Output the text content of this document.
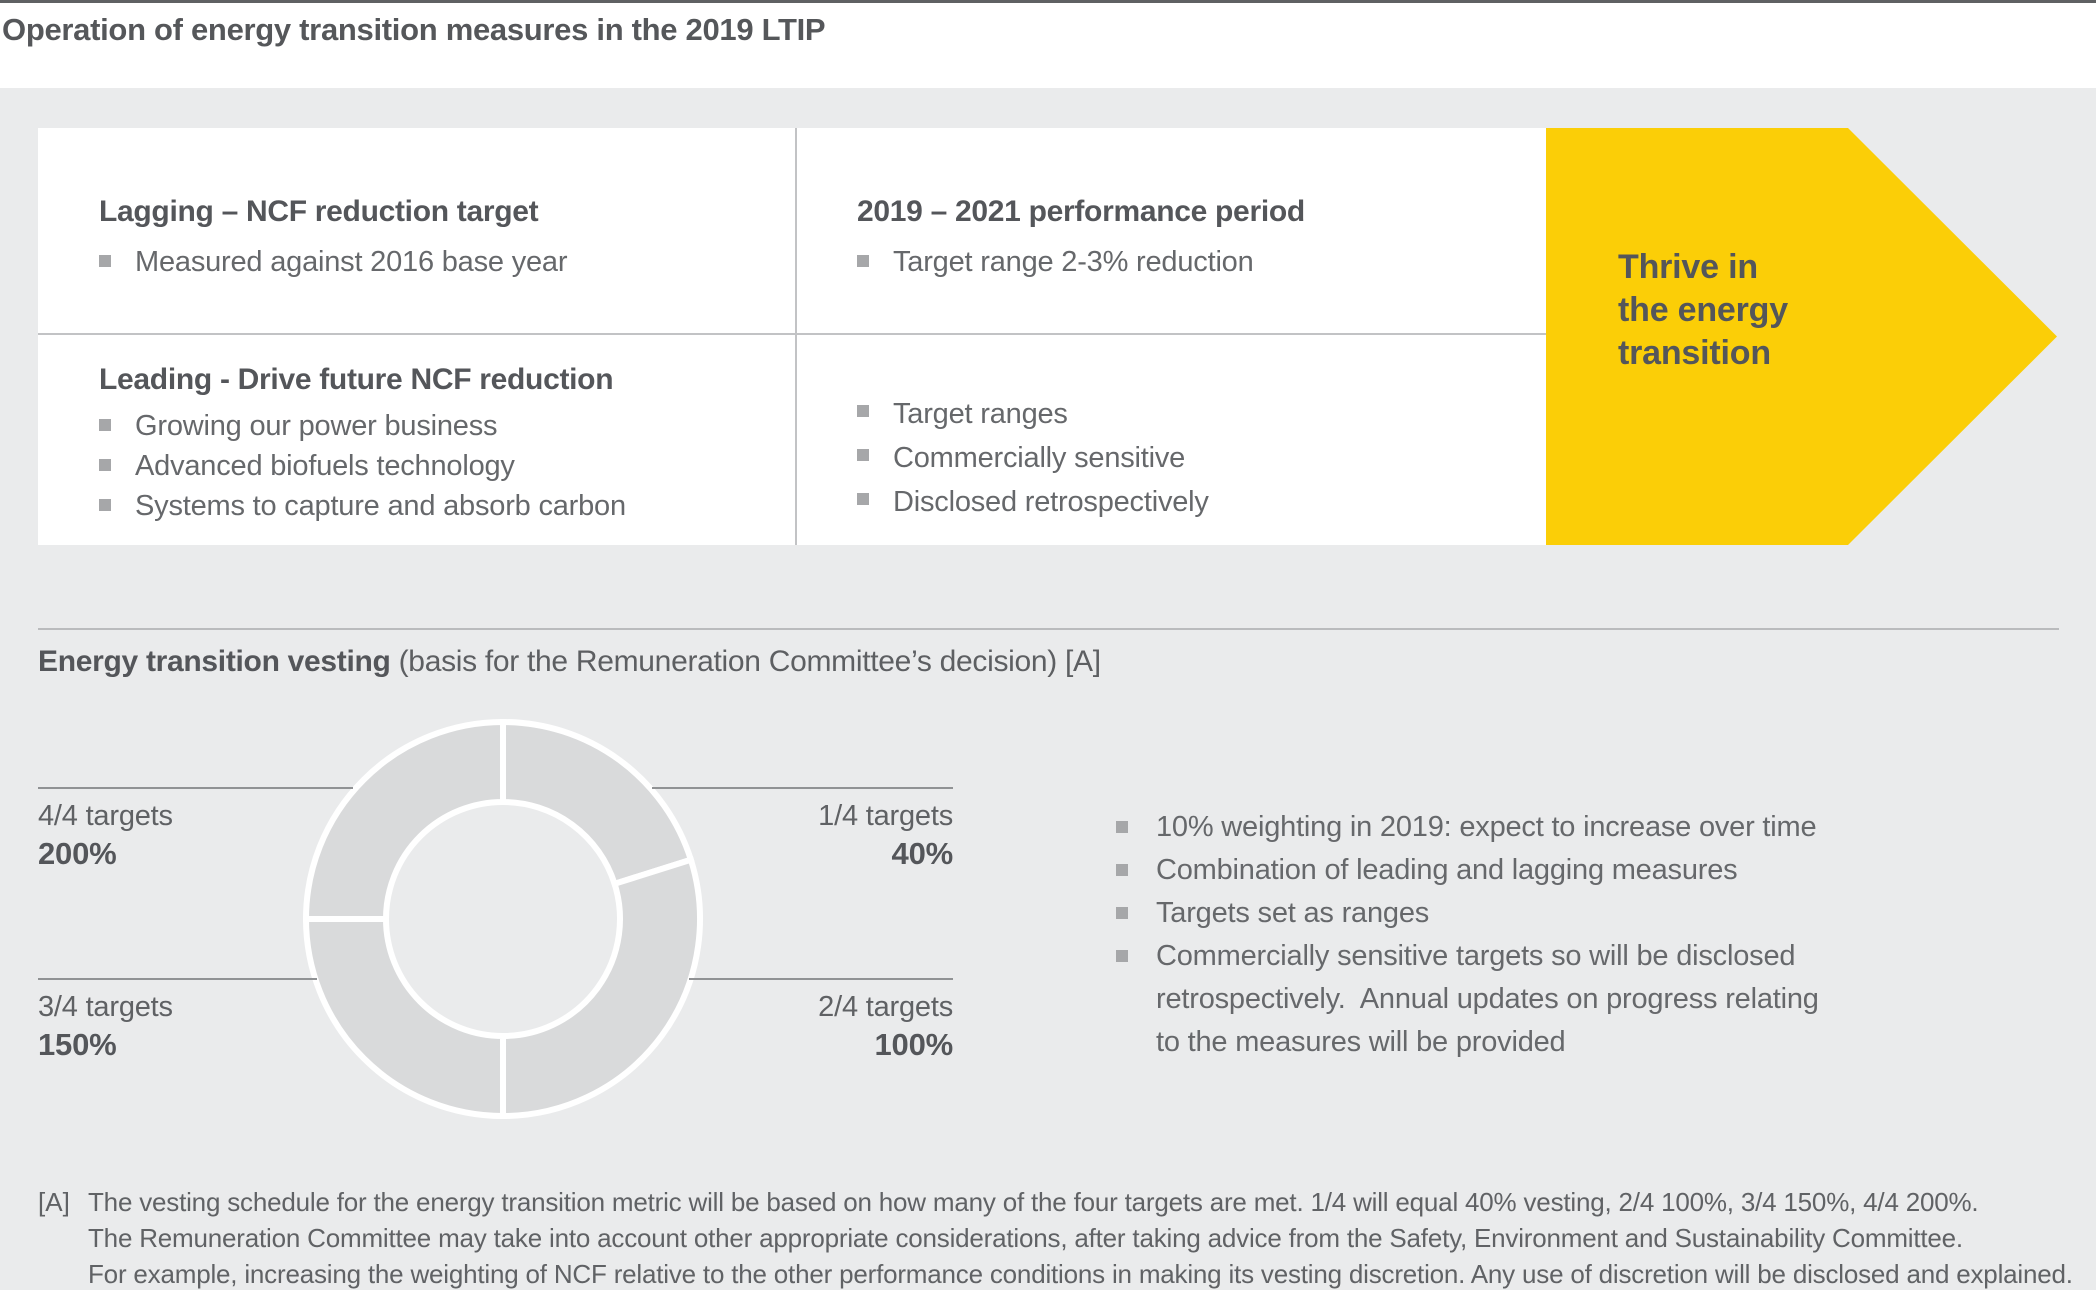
Operation of energy transition measures in the 2019 LTIP
Lagging – NCF reduction target
Measured against 2016 base year
2019 – 2021 performance period
Target range 2-3% reduction
Leading - Drive future NCF reduction
Growing our power business
Advanced biofuels technology
Systems to capture and absorb carbon
Target ranges
Commercially sensitive
Disclosed retrospectively
Thrive in
the energy
transition
Energy transition vesting (basis for the Remuneration Committee’s decision) [A]
4/4 targets
200%
1/4 targets
40%
3/4 targets
150%
2/4 targets
100%
10% weighting in 2019: expect to increase over time
Combination of leading and lagging measures
Targets set as ranges
Commercially sensitive targets so will be disclosed
retrospectively.  Annual updates on progress relating
to the measures will be provided
[A] The vesting schedule for the energy transition metric will be based on how many of the four targets are met. 1/4 will equal 40% vesting, 2/4 100%, 3/4 150%, 4/4 200%.
The Remuneration Committee may take into account other appropriate considerations, after taking advice from the Safety, Environment and Sustainability Committee.
For example, increasing the weighting of NCF relative to the other performance conditions in making its vesting discretion. Any use of discretion will be disclosed and explained.
